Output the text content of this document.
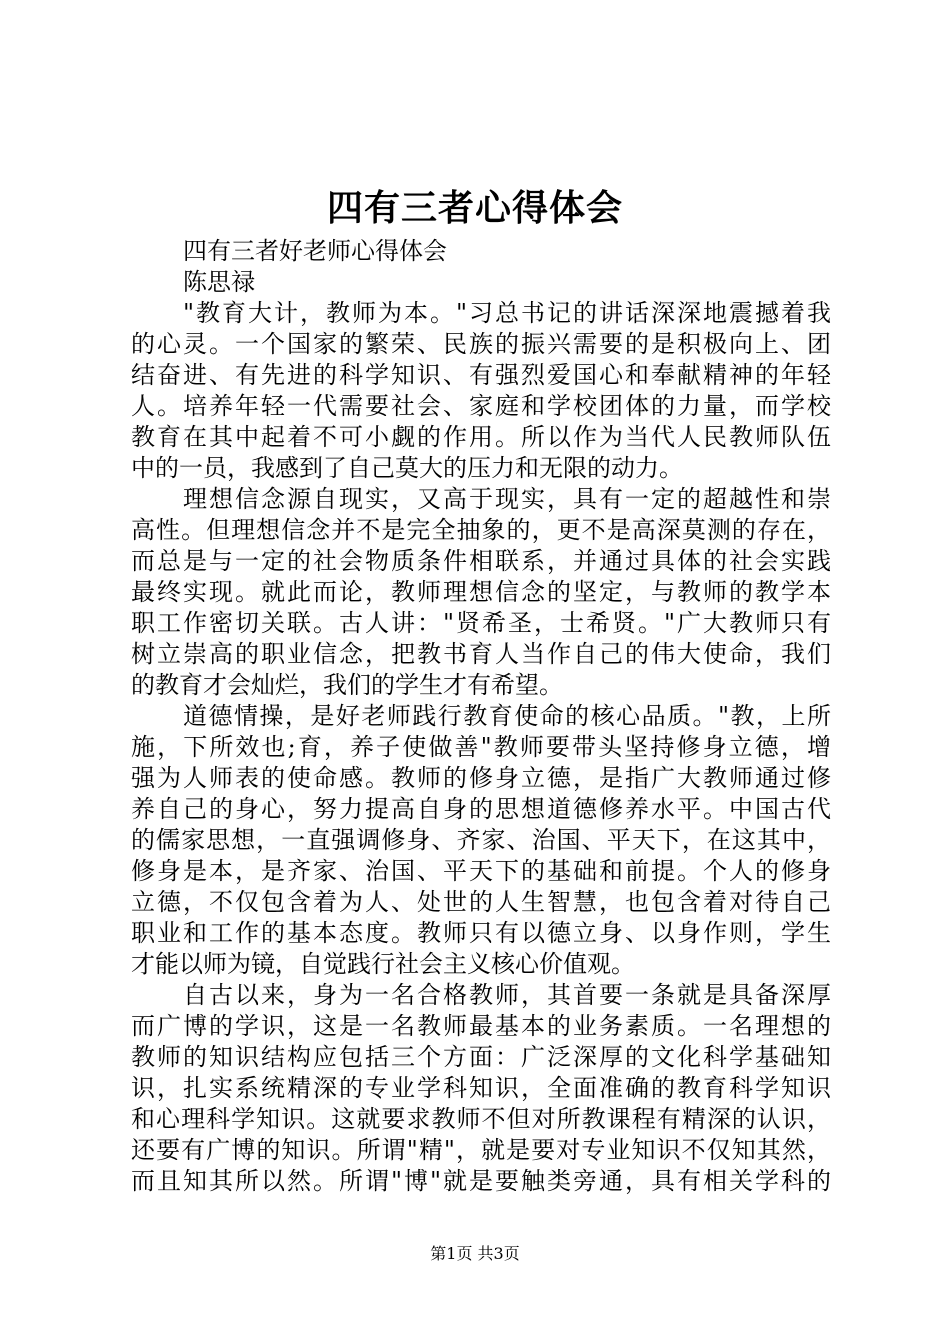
四有三者心得体会
四有三者好老师心得体会
陈思禄
"教育大计，教师为本。"习总书记的讲话深深地震撼着我
的心灵。一个国家的繁荣、民族的振兴需要的是积极向上、团
结奋进、有先进的科学知识、有强烈爱国心和奉献精神的年轻
人。培养年轻一代需要社会、家庭和学校团体的力量，而学校
教育在其中起着不可小觑的作用。所以作为当代人民教师队伍
中的一员，我感到了自己莫大的压力和无限的动力。
理想信念源自现实，又高于现实，具有一定的超越性和崇
高性。但理想信念并不是完全抽象的，更不是高深莫测的存在，
而总是与一定的社会物质条件相联系，并通过具体的社会实践
最终实现。就此而论，教师理想信念的坚定，与教师的教学本
职工作密切关联。古人讲："贤希圣，士希贤。"广大教师只有
树立崇高的职业信念，把教书育人当作自己的伟大使命，我们
的教育才会灿烂，我们的学生才有希望。
道德情操，是好老师践行教育使命的核心品质。"教，上所
施，下所效也;育，养子使做善"教师要带头坚持修身立德，增
强为人师表的使命感。教师的修身立德，是指广大教师通过修
养自己的身心，努力提高自身的思想道德修养水平。中国古代
的儒家思想，一直强调修身、齐家、治国、平天下，在这其中，
修身是本，是齐家、治国、平天下的基础和前提。个人的修身
立德，不仅包含着为人、处世的人生智慧，也包含着对待自己
职业和工作的基本态度。教师只有以德立身、以身作则，学生
才能以师为镜，自觉践行社会主义核心价值观。
自古以来，身为一名合格教师，其首要一条就是具备深厚
而广博的学识，这是一名教师最基本的业务素质。一名理想的
教师的知识结构应包括三个方面：广泛深厚的文化科学基础知
识，扎实系统精深的专业学科知识，全面准确的教育科学知识
和心理科学知识。这就要求教师不但对所教课程有精深的认识，
还要有广博的知识。所谓"精"，就是要对专业知识不仅知其然，
而且知其所以然。所谓"博"就是要触类旁通，具有相关学科的
第1页 共3页
